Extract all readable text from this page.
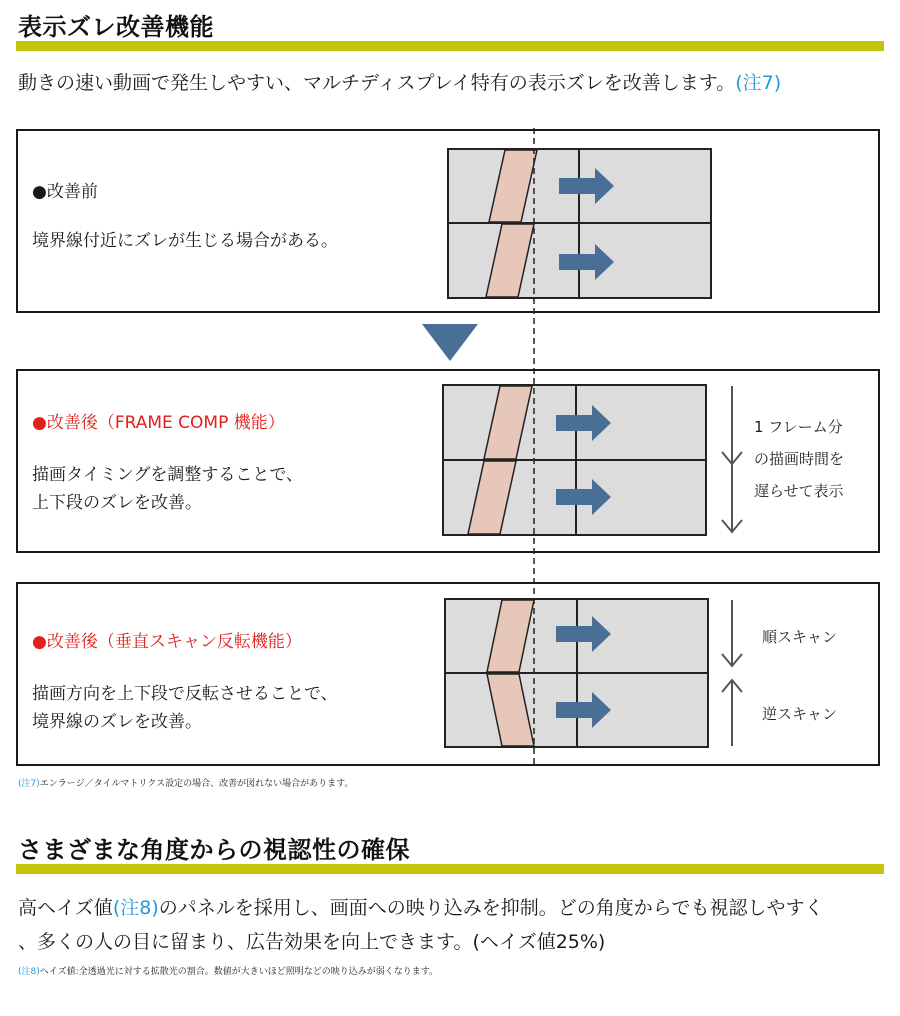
表示ズレ改善機能
動きの速い動画で発生しやすい、マルチディスプレイ特有の表示ズレを改善します。(注7)
●改善前
境界線付近にズレが生じる場合がある。
●改善後（FRAME COMP 機能）
描画タイミングを調整することで、
上下段のズレを改善。
1 フレーム分
の描画時間を
遅らせて表示
●改善後（垂直スキャン反転機能）
描画方向を上下段で反転させることで、
境界線のズレを改善。
順スキャン
逆スキャン
(注7)エンラージ／タイルマトリクス設定の場合、改善が図れない場合があります。
さまざまな角度からの視認性の確保
高ヘイズ値(注8)のパネルを採用し、画面への映り込みを抑制。どの角度からでも視認しやすく
、多くの人の目に留まり、広告効果を向上できます。(ヘイズ値25%)
(注8)ヘイズ値:全透過光に対する拡散光の割合。数値が大きいほど照明などの映り込みが弱くなります。
